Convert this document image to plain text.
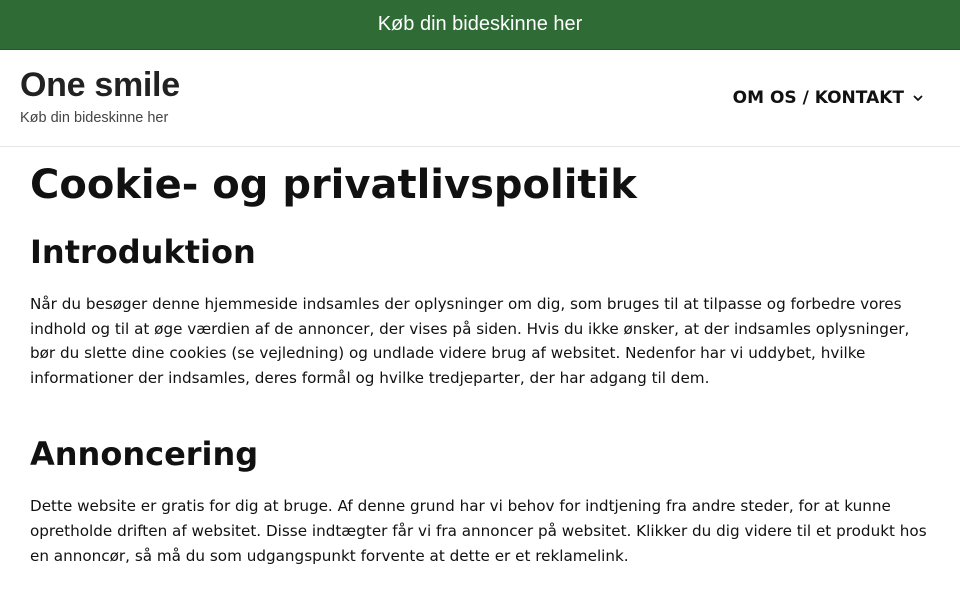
Køb din bideskinne her
One smile
Køb din bideskinne her
OM OS / KONTAKT
Cookie- og privatlivspolitik
Introduktion

Når du besøger denne hjemmeside indsamles der oplysninger om dig, som bruges til at tilpasse og forbedre vores indhold og til at øge værdien af de annoncer, der vises på siden. Hvis du ikke ønsker, at der indsamles oplysninger, bør du slette dine cookies (se vejledning) og undlade videre brug af websitet. Nedenfor har vi uddybet, hvilke informationer der indsamles, deres formål og hvilke tredjeparter, der har adgang til dem.

Annoncering

Dette website er gratis for dig at bruge. Af denne grund har vi behov for indtjening fra andre steder, for at kunne opretholde driften af websitet. Disse indtægter får vi fra annoncer på websitet. Klikker du dig videre til et produkt hos en annoncør, så må du som udgangspunkt forvente at dette er et reklamelink.
